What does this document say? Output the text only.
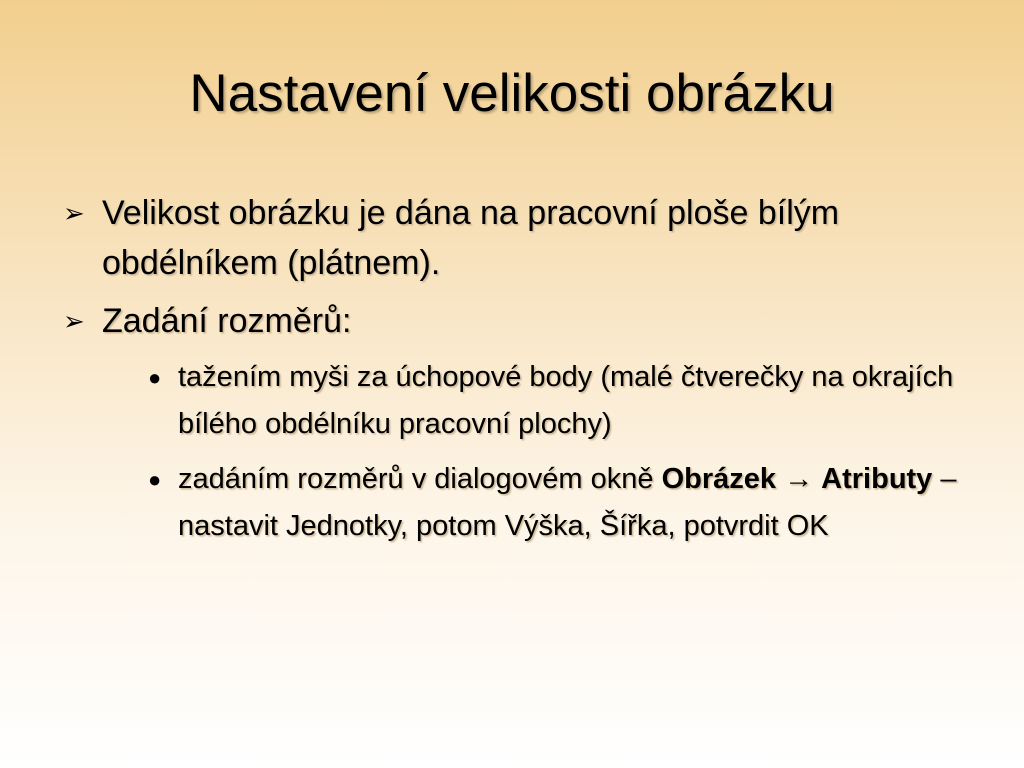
Nastavení velikosti obrázku
➢ Velikost obrázku je dána na pracovní ploše bílým obdélníkem (plátnem).
➢ Zadání rozměrů:
● tažením myši za úchopové body (malé čtverečky na okrajích bílého obdélníku pracovní plochy)
● zadáním rozměrů v dialogovém okně Obrázek → Atributy – nastavit Jednotky, potom Výška, Šířka, potvrdit OK
